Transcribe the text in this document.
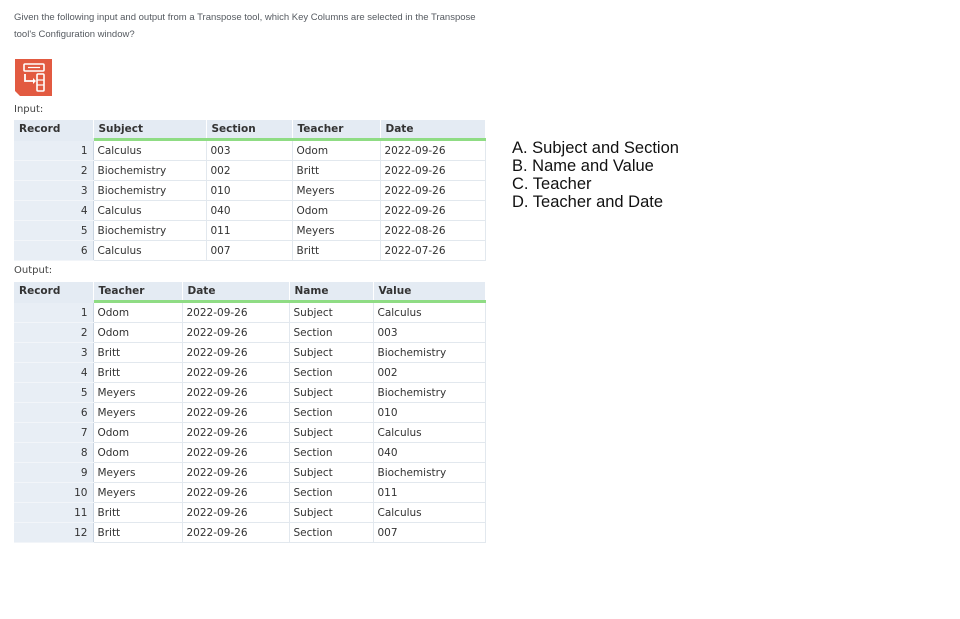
Given the following input and output from a Transpose tool, which Key Columns are selected in the Transpose tool's Configuration window?
Input:
Record	Subject	Section	Teacher	Date
1	Calculus	003	Odom	2022-09-26
2	Biochemistry	002	Britt	2022-09-26
3	Biochemistry	010	Meyers	2022-09-26
4	Calculus	040	Odom	2022-09-26
5	Biochemistry	011	Meyers	2022-08-26
6	Calculus	007	Britt	2022-07-26
Output:
Record	Teacher	Date	Name	Value
1	Odom	2022-09-26	Subject	Calculus
2	Odom	2022-09-26	Section	003
3	Britt	2022-09-26	Subject	Biochemistry
4	Britt	2022-09-26	Section	002
5	Meyers	2022-09-26	Subject	Biochemistry
6	Meyers	2022-09-26	Section	010
7	Odom	2022-09-26	Subject	Calculus
8	Odom	2022-09-26	Section	040
9	Meyers	2022-09-26	Subject	Biochemistry
10	Meyers	2022-09-26	Section	011
11	Britt	2022-09-26	Subject	Calculus
12	Britt	2022-09-26	Section	007
A. Subject and Section
B. Name and Value
C. Teacher
D. Teacher and Date
